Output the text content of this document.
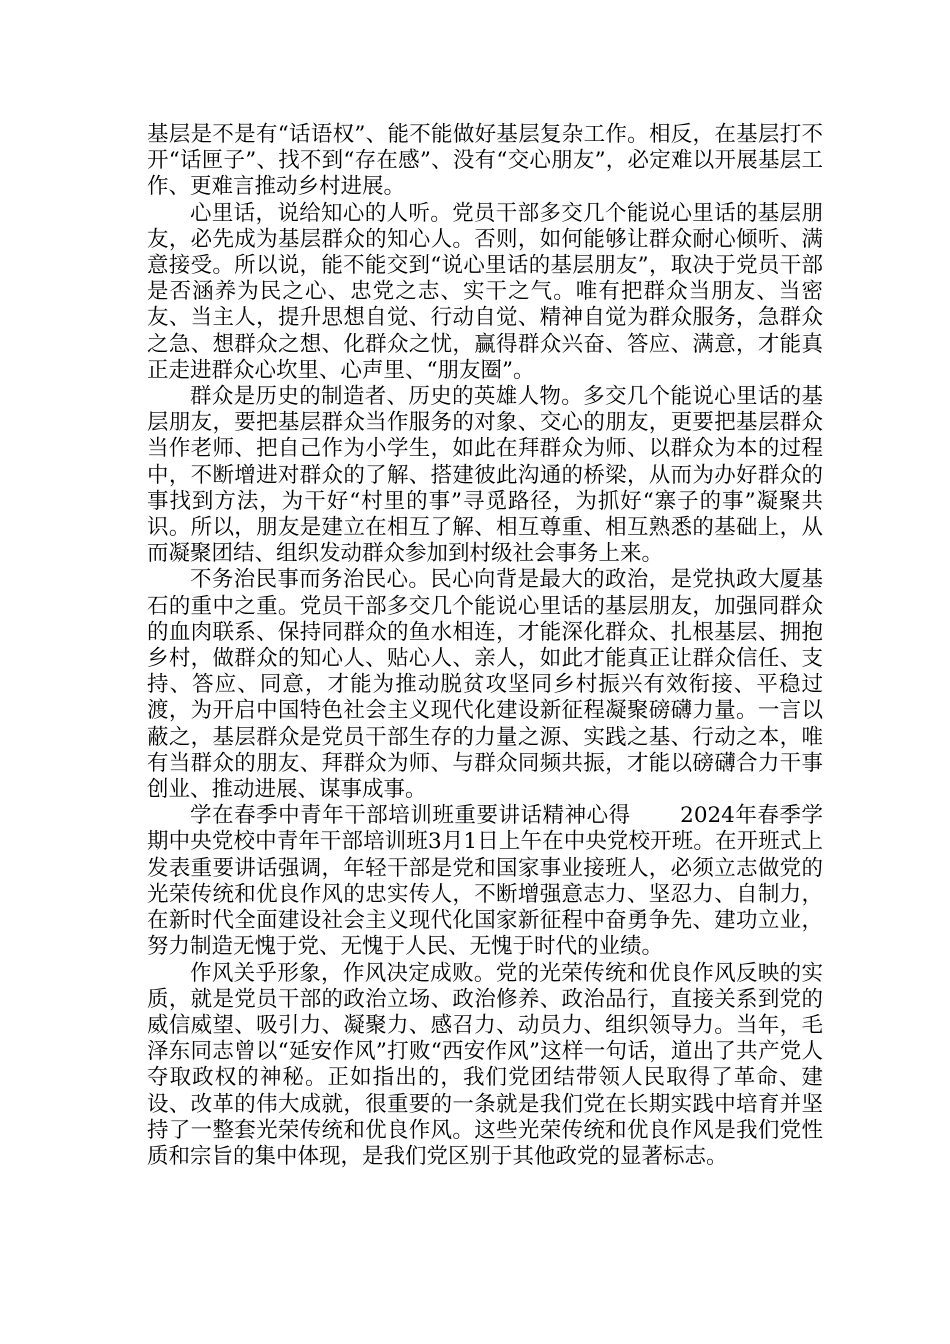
基层是不是有“话语权”、能不能做好基层复杂工作。相反，在基层打不开“话匣子”、找不到“存在感”、没有“交心朋友”，必定难以开展基层工作、更难言推动乡村进展。

心里话，说给知心的人听。党员干部多交几个能说心里话的基层朋友，必先成为基层群众的知心人。否则，如何能够让群众耐心倾听、满意接受。所以说，能不能交到“说心里话的基层朋友”，取决于党员干部是否涵养为民之心、忠党之志、实干之气。唯有把群众当朋友、当密友、当主人，提升思想自觉、行动自觉、精神自觉为群众服务，急群众之急、想群众之想、化群众之忧，赢得群众兴奋、答应、满意，才能真正走进群众心坎里、心声里、“朋友圈”。

群众是历史的制造者、历史的英雄人物。多交几个能说心里话的基层朋友，要把基层群众当作服务的对象、交心的朋友，更要把基层群众当作老师、把自己作为小学生，如此在拜群众为师、以群众为本的过程中，不断增进对群众的了解、搭建彼此沟通的桥梁，从而为办好群众的事找到方法，为干好“村里的事”寻觅路径，为抓好“寨子的事”凝聚共识。所以，朋友是建立在相互了解、相互尊重、相互熟悉的基础上，从而凝聚团结、组织发动群众参加到村级社会事务上来。

不务治民事而务治民心。民心向背是最大的政治，是党执政大厦基石的重中之重。党员干部多交几个能说心里话的基层朋友，加强同群众的血肉联系、保持同群众的鱼水相连，才能深化群众、扎根基层、拥抱乡村，做群众的知心人、贴心人、亲人，如此才能真正让群众信任、支持、答应、同意，才能为推动脱贫攻坚同乡村振兴有效衔接、平稳过渡，为开启中国特色社会主义现代化建设新征程凝聚磅礴力量。一言以蔽之，基层群众是党员干部生存的力量之源、实践之基、行动之本，唯有当群众的朋友、拜群众为师、与群众同频共振，才能以磅礴合力干事创业、推动进展、谋事成事。

学在春季中青年干部培训班重要讲话精神心得 2024年春季学期中央党校中青年干部培训班3月1日上午在中央党校开班。在开班式上发表重要讲话强调，年轻干部是党和国家事业接班人，必须立志做党的光荣传统和优良作风的忠实传人，不断增强意志力、坚忍力、自制力，在新时代全面建设社会主义现代化国家新征程中奋勇争先、建功立业，努力制造无愧于党、无愧于人民、无愧于时代的业绩。

作风关乎形象，作风决定成败。党的光荣传统和优良作风反映的实质，就是党员干部的政治立场、政治修养、政治品行，直接关系到党的威信威望、吸引力、凝聚力、感召力、动员力、组织领导力。当年，毛泽东同志曾以“延安作风”打败“西安作风”这样一句话，道出了共产党人夺取政权的神秘。正如指出的，我们党团结带领人民取得了革命、建设、改革的伟大成就，很重要的一条就是我们党在长期实践中培育并坚持了一整套光荣传统和优良作风。这些光荣传统和优良作风是我们党性质和宗旨的集中体现，是我们党区别于其他政党的显著标志。
